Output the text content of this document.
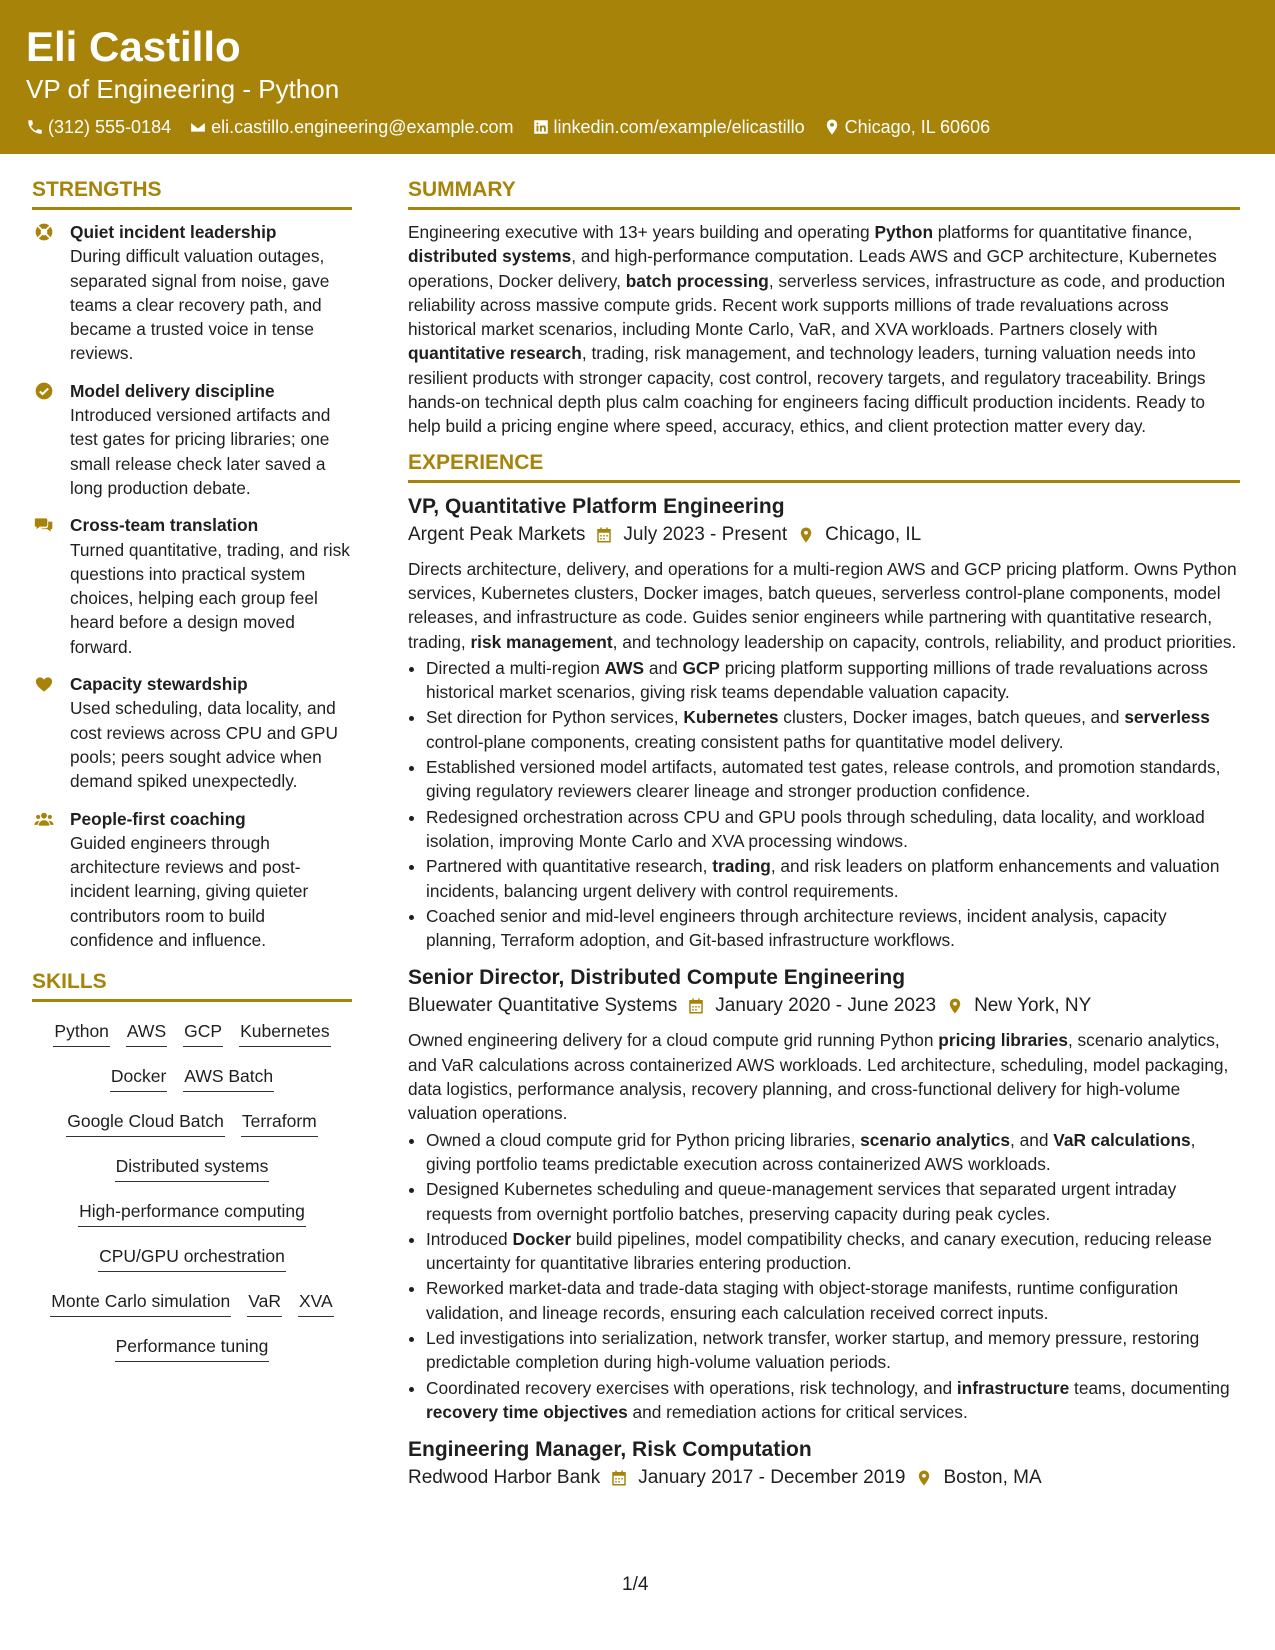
Eli Castillo
VP of Engineering - Python
(312) 555-0184 eli.castillo.engineering@example.com linkedin.com/example/elicastillo Chicago, IL 60606
STRENGTHS
Quiet incident leadership
During difficult valuation outages, separated signal from noise, gave teams a clear recovery path, and became a trusted voice in tense reviews.
Model delivery discipline
Introduced versioned artifacts and test gates for pricing libraries; one small release check later saved a long production debate.
Cross-team translation
Turned quantitative, trading, and risk questions into practical system choices, helping each group feel heard before a design moved forward.
Capacity stewardship
Used scheduling, data locality, and cost reviews across CPU and GPU pools; peers sought advice when demand spiked unexpectedly.
People-first coaching
Guided engineers through architecture reviews and post-incident learning, giving quieter contributors room to build confidence and influence.
SKILLS
Python AWS GCP Kubernetes
Docker AWS Batch
Google Cloud Batch Terraform
Distributed systems
High-performance computing
CPU/GPU orchestration
Monte Carlo simulation VaR XVA
Performance tuning
SUMMARY
Engineering executive with 13+ years building and operating Python platforms for quantitative finance, distributed systems, and high-performance computation. Leads AWS and GCP architecture, Kubernetes operations, Docker delivery, batch processing, serverless services, infrastructure as code, and production reliability across massive compute grids. Recent work supports millions of trade revaluations across historical market scenarios, including Monte Carlo, VaR, and XVA workloads. Partners closely with quantitative research, trading, risk management, and technology leaders, turning valuation needs into resilient products with stronger capacity, cost control, recovery targets, and regulatory traceability. Brings hands-on technical depth plus calm coaching for engineers facing difficult production incidents. Ready to help build a pricing engine where speed, accuracy, ethics, and client protection matter every day.
EXPERIENCE
VP, Quantitative Platform Engineering
Argent Peak Markets July 2023 - Present Chicago, IL
Directs architecture, delivery, and operations for a multi-region AWS and GCP pricing platform. Owns Python services, Kubernetes clusters, Docker images, batch queues, serverless control-plane components, model releases, and infrastructure as code. Guides senior engineers while partnering with quantitative research, trading, risk management, and technology leadership on capacity, controls, reliability, and product priorities.
• Directed a multi-region AWS and GCP pricing platform supporting millions of trade revaluations across historical market scenarios, giving risk teams dependable valuation capacity.
• Set direction for Python services, Kubernetes clusters, Docker images, batch queues, and serverless control-plane components, creating consistent paths for quantitative model delivery.
• Established versioned model artifacts, automated test gates, release controls, and promotion standards, giving regulatory reviewers clearer lineage and stronger production confidence.
• Redesigned orchestration across CPU and GPU pools through scheduling, data locality, and workload isolation, improving Monte Carlo and XVA processing windows.
• Partnered with quantitative research, trading, and risk leaders on platform enhancements and valuation incidents, balancing urgent delivery with control requirements.
• Coached senior and mid-level engineers through architecture reviews, incident analysis, capacity planning, Terraform adoption, and Git-based infrastructure workflows.
Senior Director, Distributed Compute Engineering
Bluewater Quantitative Systems January 2020 - June 2023 New York, NY
Owned engineering delivery for a cloud compute grid running Python pricing libraries, scenario analytics, and VaR calculations across containerized AWS workloads. Led architecture, scheduling, model packaging, data logistics, performance analysis, recovery planning, and cross-functional delivery for high-volume valuation operations.
• Owned a cloud compute grid for Python pricing libraries, scenario analytics, and VaR calculations, giving portfolio teams predictable execution across containerized AWS workloads.
• Designed Kubernetes scheduling and queue-management services that separated urgent intraday requests from overnight portfolio batches, preserving capacity during peak cycles.
• Introduced Docker build pipelines, model compatibility checks, and canary execution, reducing release uncertainty for quantitative libraries entering production.
• Reworked market-data and trade-data staging with object-storage manifests, runtime configuration validation, and lineage records, ensuring each calculation received correct inputs.
• Led investigations into serialization, network transfer, worker startup, and memory pressure, restoring predictable completion during high-volume valuation periods.
• Coordinated recovery exercises with operations, risk technology, and infrastructure teams, documenting recovery time objectives and remediation actions for critical services.
Engineering Manager, Risk Computation
Redwood Harbor Bank January 2017 - December 2019 Boston, MA
1/4
